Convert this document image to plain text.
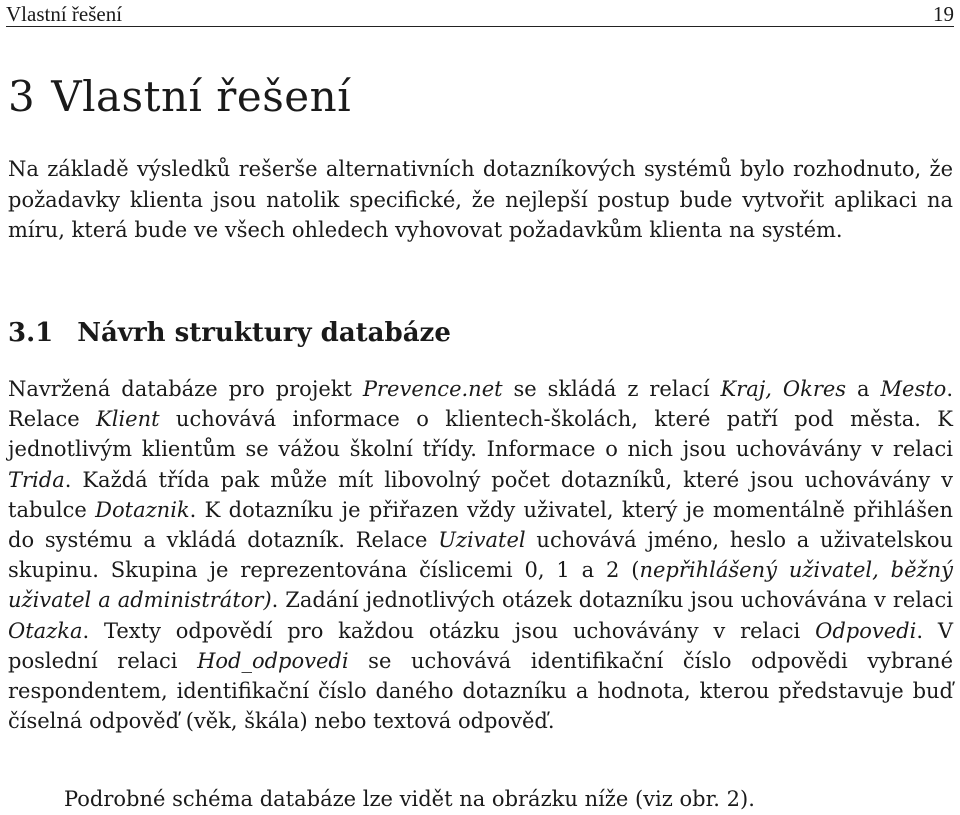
Vlastní řešení	19
3 Vlastní řešení

Na základě výsledků rešerše alternativních dotazníkových systémů bylo rozhodnuto, že požadavky klienta jsou natolik specifické, že nejlepší postup bude vytvořit aplikaci na míru, která bude ve všech ohledech vyhovovat požadavkům klienta na systém.

3.1 Návrh struktury databáze

Navržená databáze pro projekt Prevence.net se skládá z relací Kraj, Okres a Mesto. Relace Klient uchovává informace o klientech-školách, které patří pod města. K jednotlivým klientům se vážou školní třídy. Informace o nich jsou uchovávány v relaci Trida. Každá třída pak může mít libovolný počet dotazníků, které jsou uchovávány v tabulce Dotaznik. K dotazníku je přiřazen vždy uživatel, který je momentálně přihlášen do systému a vkládá dotazník. Relace Uzivatel uchovává jméno, heslo a uživatelskou skupinu. Skupina je reprezentována číslicemi 0, 1 a 2 (nepřihlášený uživatel, běžný uživatel a administrátor). Zadání jednotlivých otázek dotazníku jsou uchovávána v relaci Otazka. Texty odpovědí pro každou otázku jsou uchovávány v relaci Odpovedi. V poslední relaci Hod_odpovedi se uchovává identifikační číslo odpovědi vybrané respondentem, identifikační číslo daného dotazníku a hodnota, kterou představuje buď číselná odpověď (věk, škála) nebo textová odpověď.

Podrobné schéma databáze lze vidět na obrázku níže (viz obr. 2).
